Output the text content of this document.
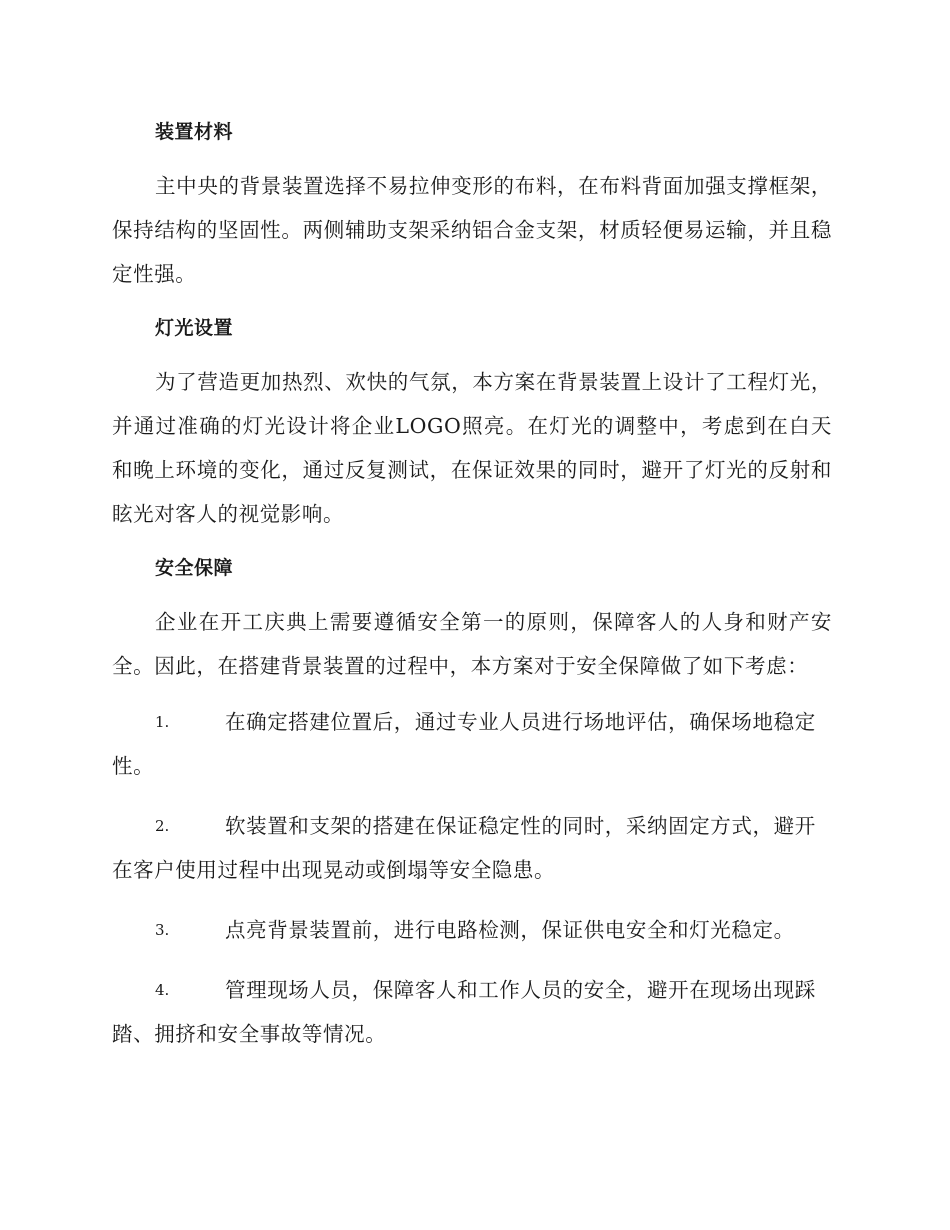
装置材料

主中央的背景装置选择不易拉伸变形的布料，在布料背面加强支撑框架，保持结构的坚固性。两侧辅助支架采纳铝合金支架，材质轻便易运输，并且稳定性强。

灯光设置

为了营造更加热烈、欢快的气氛，本方案在背景装置上设计了工程灯光，并通过准确的灯光设计将企业LOGO照亮。在灯光的调整中，考虑到在白天和晚上环境的变化，通过反复测试，在保证效果的同时，避开了灯光的反射和眩光对客人的视觉影响。

安全保障

企业在开工庆典上需要遵循安全第一的原则，保障客人的人身和财产安全。因此，在搭建背景装置的过程中，本方案对于安全保障做了如下考虑：

1.	在确定搭建位置后，通过专业人员进行场地评估，确保场地稳定性。
2.	软装置和支架的搭建在保证稳定性的同时，采纳固定方式，避开在客户使用过程中出现晃动或倒塌等安全隐患。
3.	点亮背景装置前，进行电路检测，保证供电安全和灯光稳定。
4.	管理现场人员，保障客人和工作人员的安全，避开在现场出现踩踏、拥挤和安全事故等情况。
